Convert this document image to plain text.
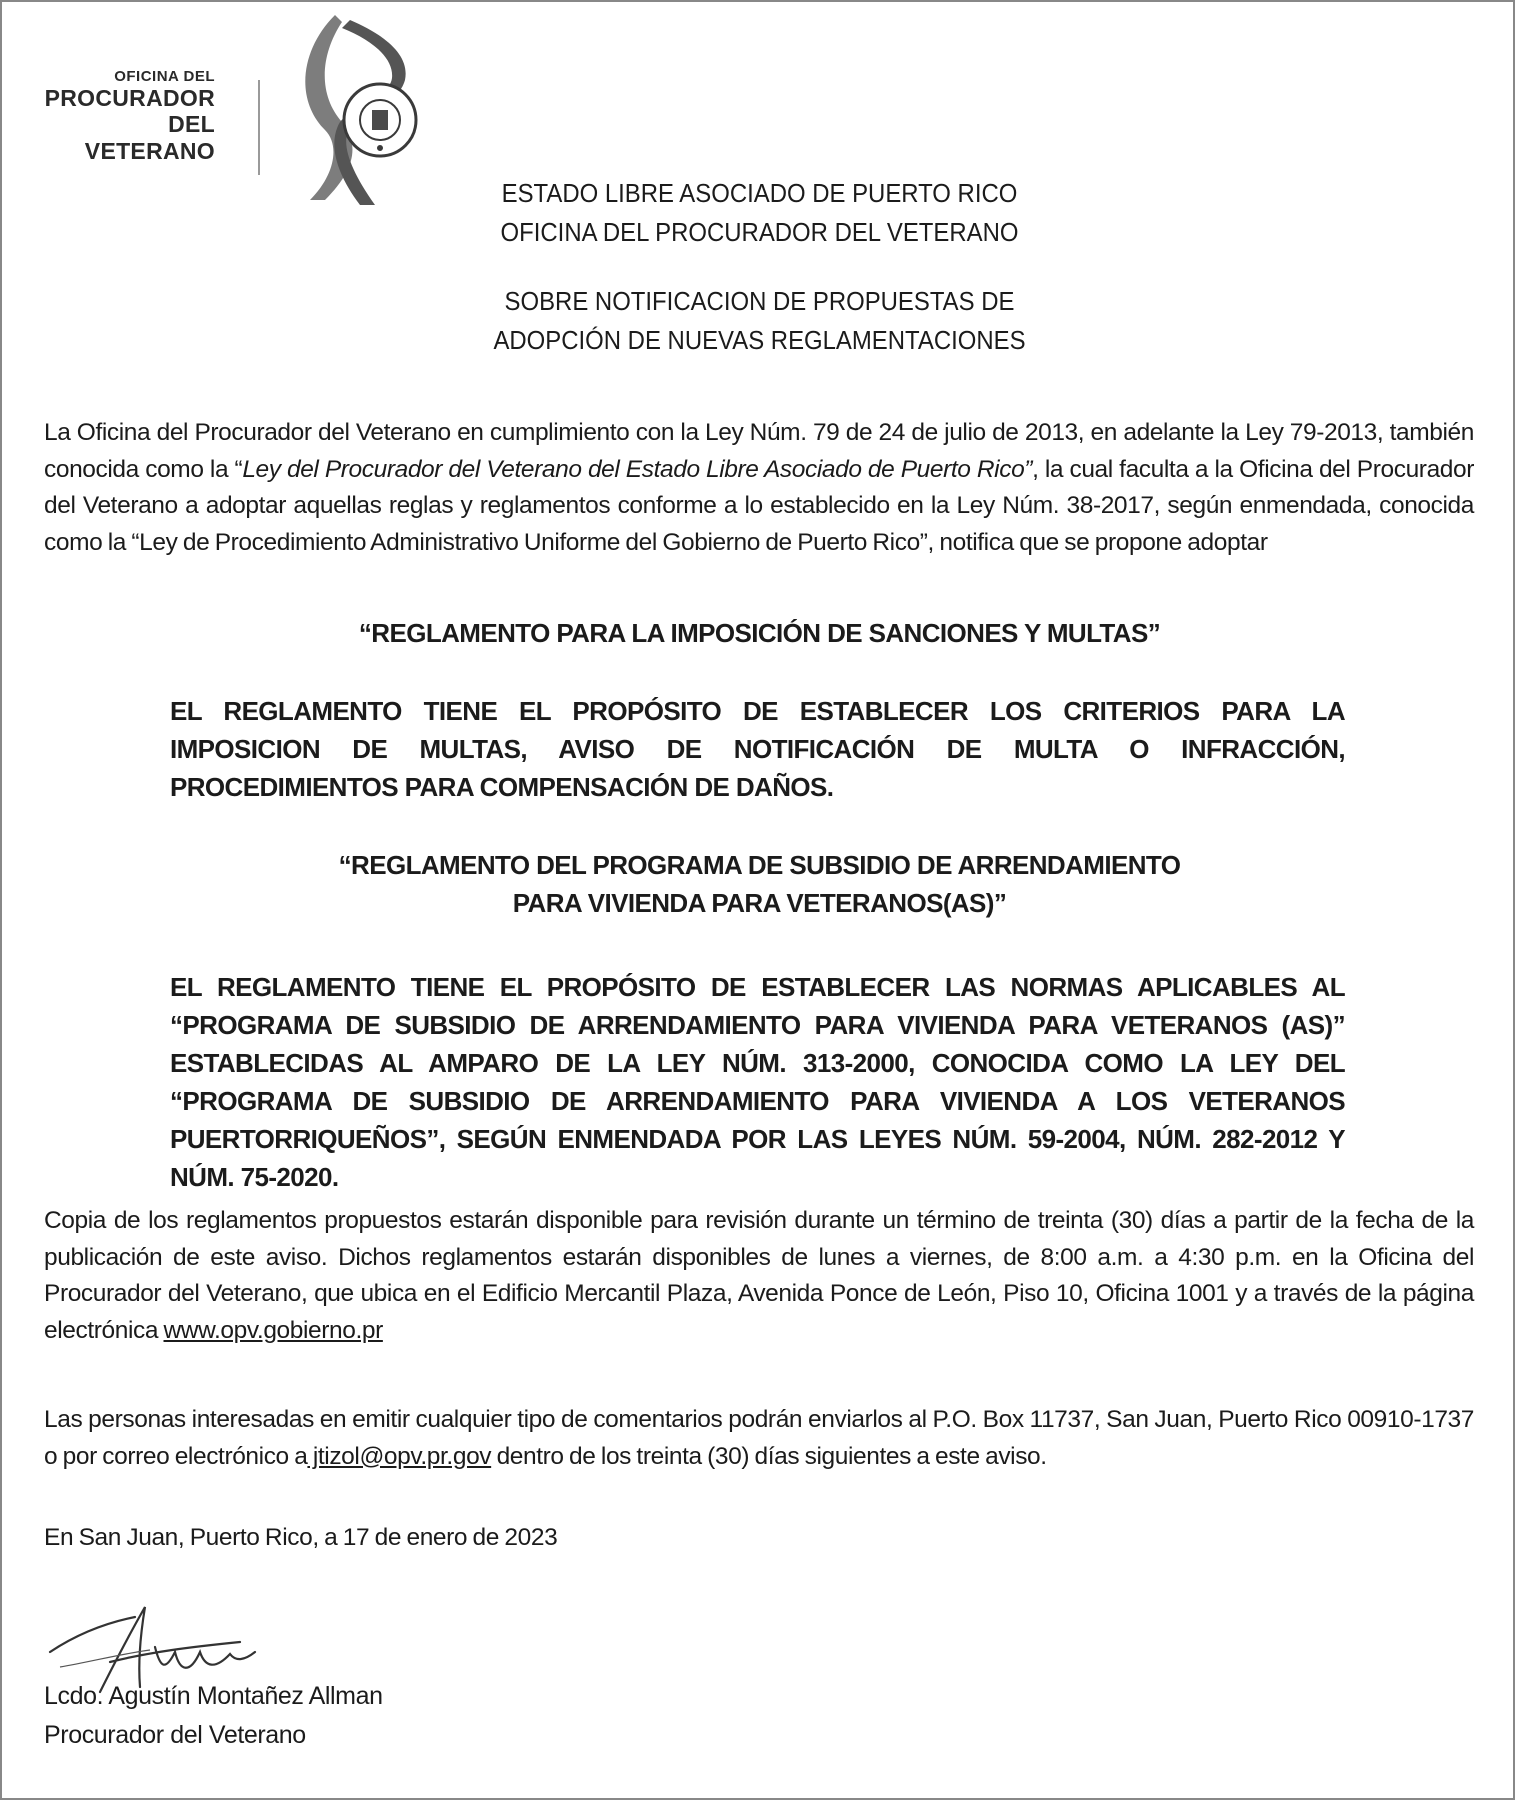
OFICINA DEL
PROCURADOR
DEL
VETERANO

ESTADO LIBRE ASOCIADO DE PUERTO RICO

OFICINA DEL PROCURADOR DEL VETERANO

SOBRE NOTIFICACION DE PROPUESTAS DE

ADOPCIÓN DE NUEVAS REGLAMENTACIONES

La Oficina del Procurador del Veterano en cumplimiento con la Ley Núm. 79 de 24 de julio de 2013, en adelante la Ley 79-2013, también conocida como la “Ley del Procurador del Veterano del Estado Libre Asociado de Puerto Rico”, la cual faculta a la Oficina del Procurador del Veterano a adoptar aquellas reglas y reglamentos conforme a lo establecido en la Ley Núm. 38-2017, según enmendada, conocida como la “Ley de Procedimiento Administrativo Uniforme del Gobierno de Puerto Rico”, notifica que se propone adoptar

“REGLAMENTO PARA LA IMPOSICIÓN DE SANCIONES Y MULTAS”
EL REGLAMENTO TIENE EL PROPÓSITO DE ESTABLECER LOS CRITERIOS PARA LA IMPOSICION DE MULTAS, AVISO DE NOTIFICACIÓN DE MULTA O INFRACCIÓN, PROCEDIMIENTOS PARA COMPENSACIÓN DE DAÑOS.
“REGLAMENTO DEL PROGRAMA DE SUBSIDIO DE ARRENDAMIENTO
PARA VIVIENDA PARA VETERANOS(AS)”
EL REGLAMENTO TIENE EL PROPÓSITO DE ESTABLECER LAS NORMAS APLICABLES AL “PROGRAMA DE SUBSIDIO DE ARRENDAMIENTO PARA VIVIENDA PARA VETERANOS (AS)” ESTABLECIDAS AL AMPARO DE LA LEY NÚM. 313-2000, CONOCIDA COMO LA LEY DEL “PROGRAMA DE SUBSIDIO DE ARRENDAMIENTO PARA VIVIENDA A LOS VETERANOS PUERTORRIQUEÑOS”, SEGÚN ENMENDADA POR LAS LEYES NÚM. 59-2004, NÚM. 282-2012 Y NÚM. 75-2020.

Copia de los reglamentos propuestos estarán disponible para revisión durante un término de treinta (30) días a partir de la fecha de la publicación de este aviso. Dichos reglamentos estarán disponibles de lunes a viernes, de 8:00 a.m. a 4:30 p.m. en la Oficina del Procurador del Veterano, que ubica en el Edificio Mercantil Plaza, Avenida Ponce de León, Piso 10, Oficina 1001 y a través de la página electrónica www.opv.gobierno.pr

Las personas interesadas en emitir cualquier tipo de comentarios podrán enviarlos al P.O. Box 11737, San Juan, Puerto Rico 00910-1737 o por correo electrónico a jtizol@opv.pr.gov dentro de los treinta (30) días siguientes a este aviso.

En San Juan, Puerto Rico, a 17 de enero de 2023

Lcdo. Agustín Montañez Allman

Procurador del Veterano
